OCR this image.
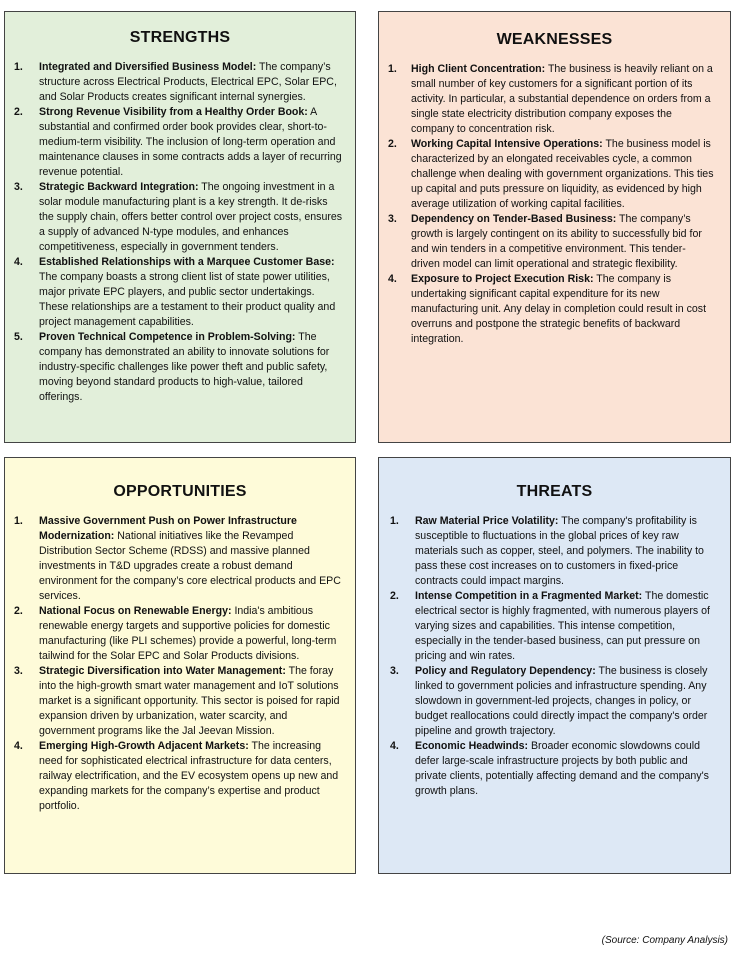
STRENGTHS
1.	Integrated and Diversified Business Model: The company’s structure across Electrical Products, Electrical EPC, Solar EPC, and Solar Products creates significant internal synergies.
2.	Strong Revenue Visibility from a Healthy Order Book: A substantial and confirmed order book provides clear, short-to-medium-term visibility. The inclusion of long-term operation and maintenance clauses in some contracts adds a layer of recurring revenue potential.
3.	Strategic Backward Integration: The ongoing investment in a solar module manufacturing plant is a key strength. It de-risks the supply chain, offers better control over project costs, ensures a supply of advanced N-type modules, and enhances competitiveness, especially in government tenders.
4.	Established Relationships with a Marquee Customer Base: The company boasts a strong client list of state power utilities, major private EPC players, and public sector undertakings. These relationships are a testament to their product quality and project management capabilities.
5.	Proven Technical Competence in Problem-Solving: The company has demonstrated an ability to innovate solutions for industry-specific challenges like power theft and public safety, moving beyond standard products to high-value, tailored offerings.
WEAKNESSES
1.	High Client Concentration: The business is heavily reliant on a small number of key customers for a significant portion of its activity. In particular, a substantial dependence on orders from a single state electricity distribution company exposes the company to concentration risk.
2.	Working Capital Intensive Operations: The business model is characterized by an elongated receivables cycle, a common challenge when dealing with government organizations. This ties up capital and puts pressure on liquidity, as evidenced by high average utilization of working capital facilities.
3.	Dependency on Tender-Based Business: The company’s growth is largely contingent on its ability to successfully bid for and win tenders in a competitive environment. This tender-driven model can limit operational and strategic flexibility.
4.	Exposure to Project Execution Risk: The company is undertaking significant capital expenditure for its new manufacturing unit. Any delay in completion could result in cost overruns and postpone the strategic benefits of backward integration.
OPPORTUNITIES
1.	Massive Government Push on Power Infrastructure Modernization: National initiatives like the Revamped Distribution Sector Scheme (RDSS) and massive planned investments in T&D upgrades create a robust demand environment for the company’s core electrical products and EPC services.
2.	National Focus on Renewable Energy: India's ambitious renewable energy targets and supportive policies for domestic manufacturing (like PLI schemes) provide a powerful, long-term tailwind for the Solar EPC and Solar Products divisions.
3.	Strategic Diversification into Water Management: The foray into the high-growth smart water management and IoT solutions market is a significant opportunity. This sector is poised for rapid expansion driven by urbanization, water scarcity, and government programs like the Jal Jeevan Mission.
4.	Emerging High-Growth Adjacent Markets: The increasing need for sophisticated electrical infrastructure for data centers, railway electrification, and the EV ecosystem opens up new and expanding markets for the company’s expertise and product portfolio.
THREATS
1.	Raw Material Price Volatility: The company's profitability is susceptible to fluctuations in the global prices of key raw materials such as copper, steel, and polymers. The inability to pass these cost increases on to customers in fixed-price contracts could impact margins.
2.	Intense Competition in a Fragmented Market: The domestic electrical sector is highly fragmented, with numerous players of varying sizes and capabilities. This intense competition, especially in the tender-based business, can put pressure on pricing and win rates.
3.	Policy and Regulatory Dependency: The business is closely linked to government policies and infrastructure spending. Any slowdown in government-led projects, changes in policy, or budget reallocations could directly impact the company's order pipeline and growth trajectory.
4.	Economic Headwinds: Broader economic slowdowns could defer large-scale infrastructure projects by both public and private clients, potentially affecting demand and the company's growth plans.
(Source: Company Analysis)
